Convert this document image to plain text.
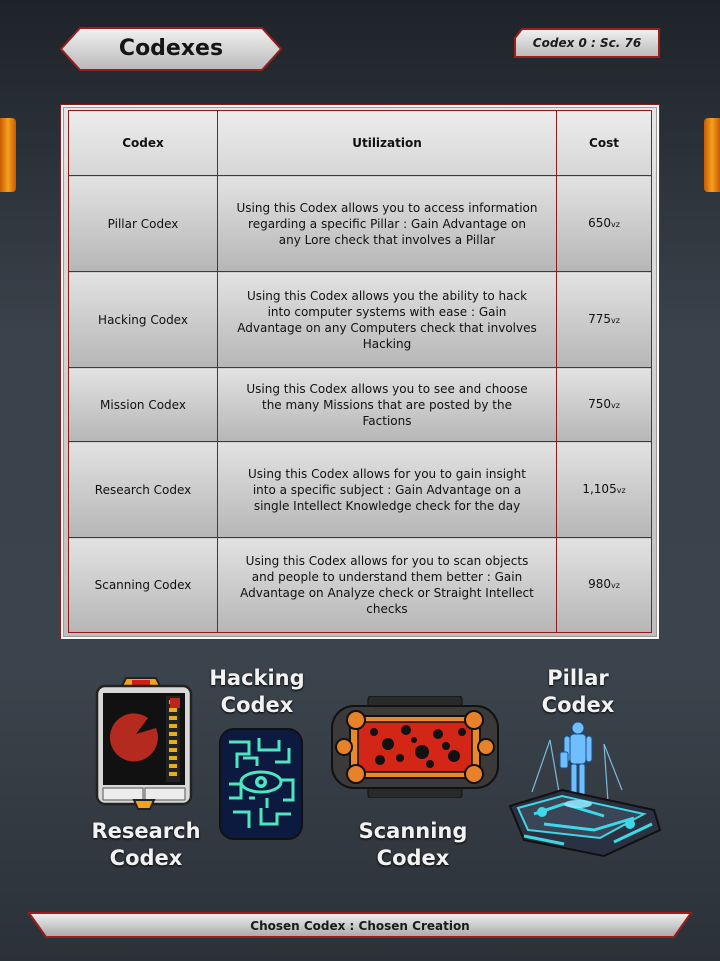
Codexes	Codex 0 : Sc. 76
Codex	Utilization	Cost
Pillar Codex	Using this Codex allows you to access information regarding a specific Pillar : Gain Advantage on any Lore check that involves a Pillar	650vz
Hacking Codex	Using this Codex allows you the ability to hack into computer systems with ease : Gain Advantage on any Computers check that involves Hacking	775vz
Mission Codex	Using this Codex allows you to see and choose the many Missions that are posted by the Factions	750vz
Research Codex	Using this Codex allows for you to gain insight into a specific subject : Gain Advantage on a single Intellect Knowledge check for the day	1,105vz
Scanning Codex	Using this Codex allows for you to scan objects and people to understand them better : Gain Advantage on Analyze check or Straight Intellect checks	980vz
Hacking
Codex
Pillar
Codex
Research
Codex
Scanning
Codex
Chosen Codex : Chosen Creation
